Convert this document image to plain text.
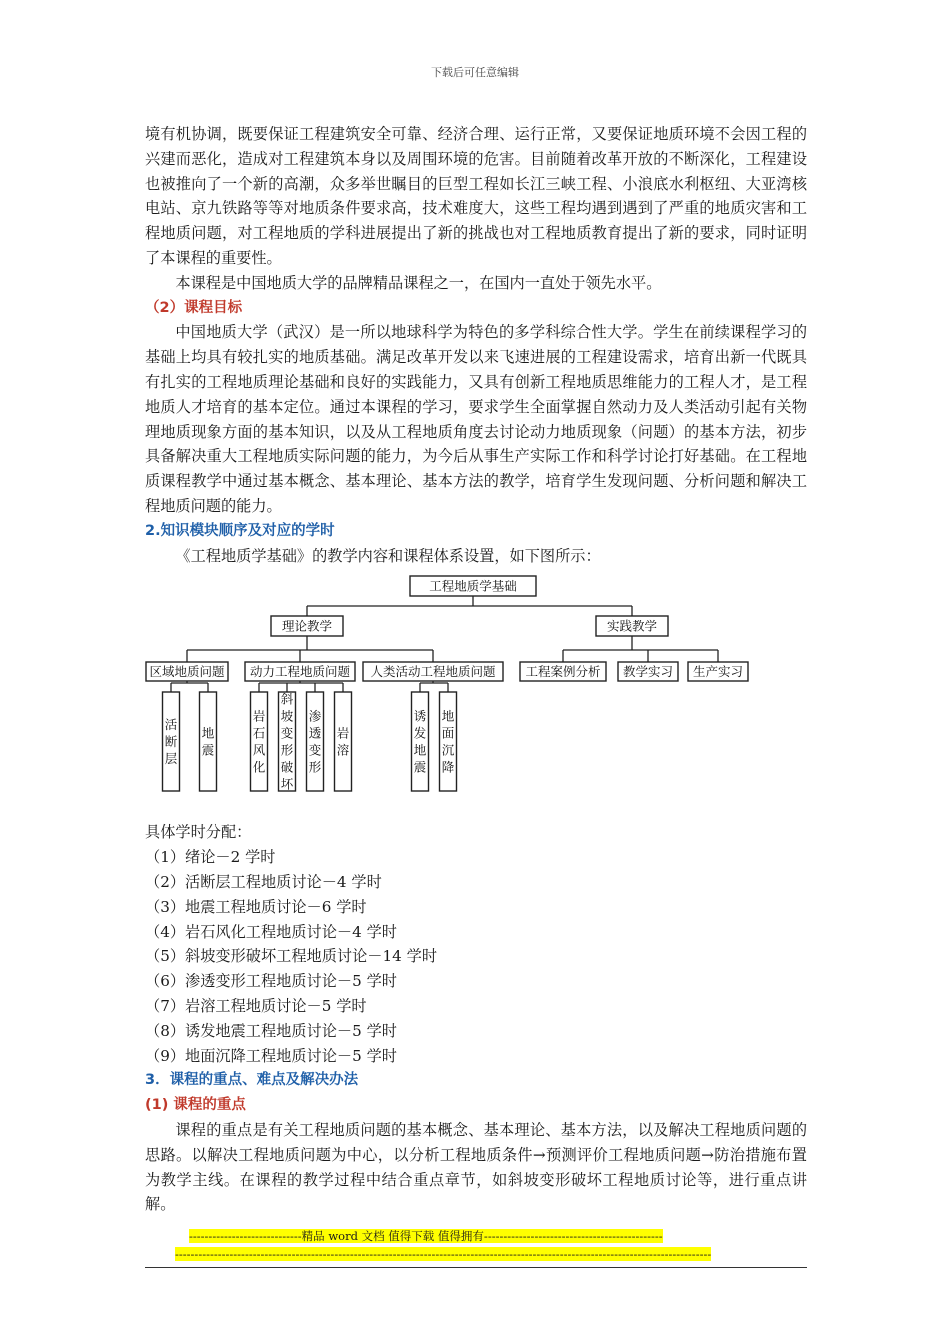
下载后可任意编辑

境有机协调，既要保证工程建筑安全可靠、经济合理、运行正常，又要保证地质环境不会因工程的兴建而恶化，造成对工程建筑本身以及周围环境的危害。目前随着改革开放的不断深化，工程建设也被推向了一个新的高潮，众多举世瞩目的巨型工程如长江三峡工程、小浪底水利枢纽、大亚湾核电站、京九铁路等等对地质条件要求高，技术难度大，这些工程均遇到遇到了严重的地质灾害和工程地质问题，对工程地质的学科进展提出了新的挑战也对工程地质教育提出了新的要求，同时证明了本课程的重要性。

本课程是中国地质大学的品牌精品课程之一，在国内一直处于领先水平。

（2）课程目标

中国地质大学（武汉）是一所以地球科学为特色的多学科综合性大学。学生在前续课程学习的基础上均具有较扎实的地质基础。满足改革开发以来飞速进展的工程建设需求，培育出新一代既具有扎实的工程地质理论基础和良好的实践能力，又具有创新工程地质思维能力的工程人才，是工程地质人才培育的基本定位。通过本课程的学习，要求学生全面掌握自然动力及人类活动引起有关物理地质现象方面的基本知识，以及从工程地质角度去讨论动力地质现象（问题）的基本方法，初步具备解决重大工程地质实际问题的能力，为今后从事生产实际工作和科学讨论打好基础。在工程地质课程教学中通过基本概念、基本理论、基本方法的教学，培育学生发现问题、分析问题和解决工程地质问题的能力。

2.知识模块顺序及对应的学时

《工程地质学基础》的教学内容和课程体系设置，如下图所示：

工程地质学基础
理论教学	实践教学
区域地质问题 动力工程地质问题 人类活动工程地质问题 工程案例分析 教学实习 生产实习
活
断
层
地
震
岩
石
风
化
斜
坡
变
形
破
坏
渗
透
变
形
岩
溶
诱
发
地
震
地
面
沉
降

具体学时分配：

（1）绪论－2 学时
（2）活断层工程地质讨论－4 学时
（3）地震工程地质讨论－6 学时
（4）岩石风化工程地质讨论－4 学时
（5）斜坡变形破坏工程地质讨论－14 学时
（6）渗透变形工程地质讨论－5 学时
（7）岩溶工程地质讨论－5 学时
（8）诱发地震工程地质讨论－5 学时
（9）地面沉降工程地质讨论－5 学时

3．课程的重点、难点及解决办法

(1) 课程的重点

课程的重点是有关工程地质问题的基本概念、基本理论、基本方法，以及解决工程地质问题的思路。以解决工程地质问题为中心，以分析工程地质条件→预测评价工程地质问题→防治措施布置为教学主线。在课程的教学过程中结合重点章节，如斜坡变形破坏工程地质讨论等，进行重点讲解。

-----------------------------精品 word 文档 值得下载 值得拥有----------------------------------------------
------------------------------------------------------------------------------------------------------------------------------------------
